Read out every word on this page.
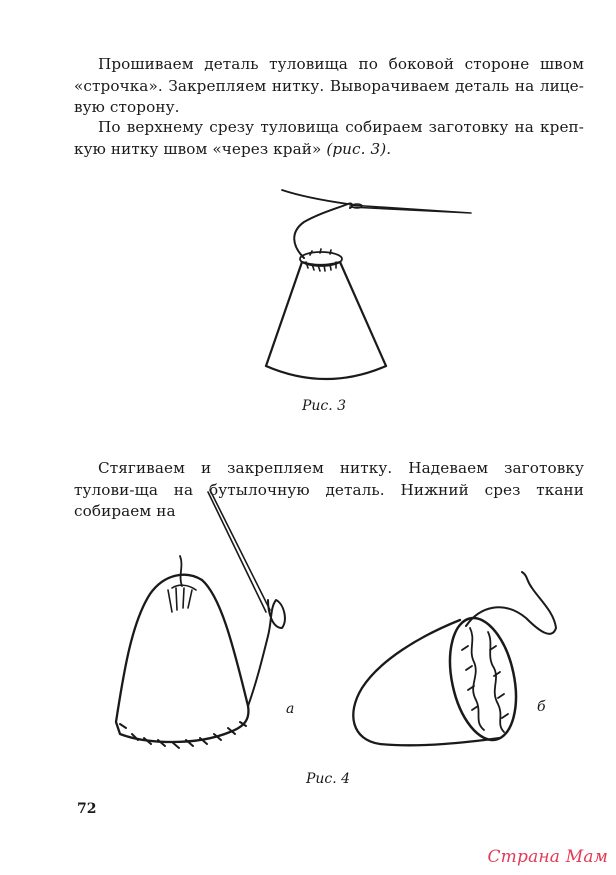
Прошиваем деталь туловища по боковой стороне швом «строчка». Закрепляем нитку. Выворачиваем деталь на лице- вую сторону.

По верхнему срезу туловища собираем заготовку на креп-кую нитку швом «через край» (рис. 3).

Рис. 3

Стягиваем и закрепляем нитку. Надеваем заготовку тулови-ща на бутылочную деталь. Нижний срез ткани собираем на

а	б
Рис. 4
72
Страна Мам
